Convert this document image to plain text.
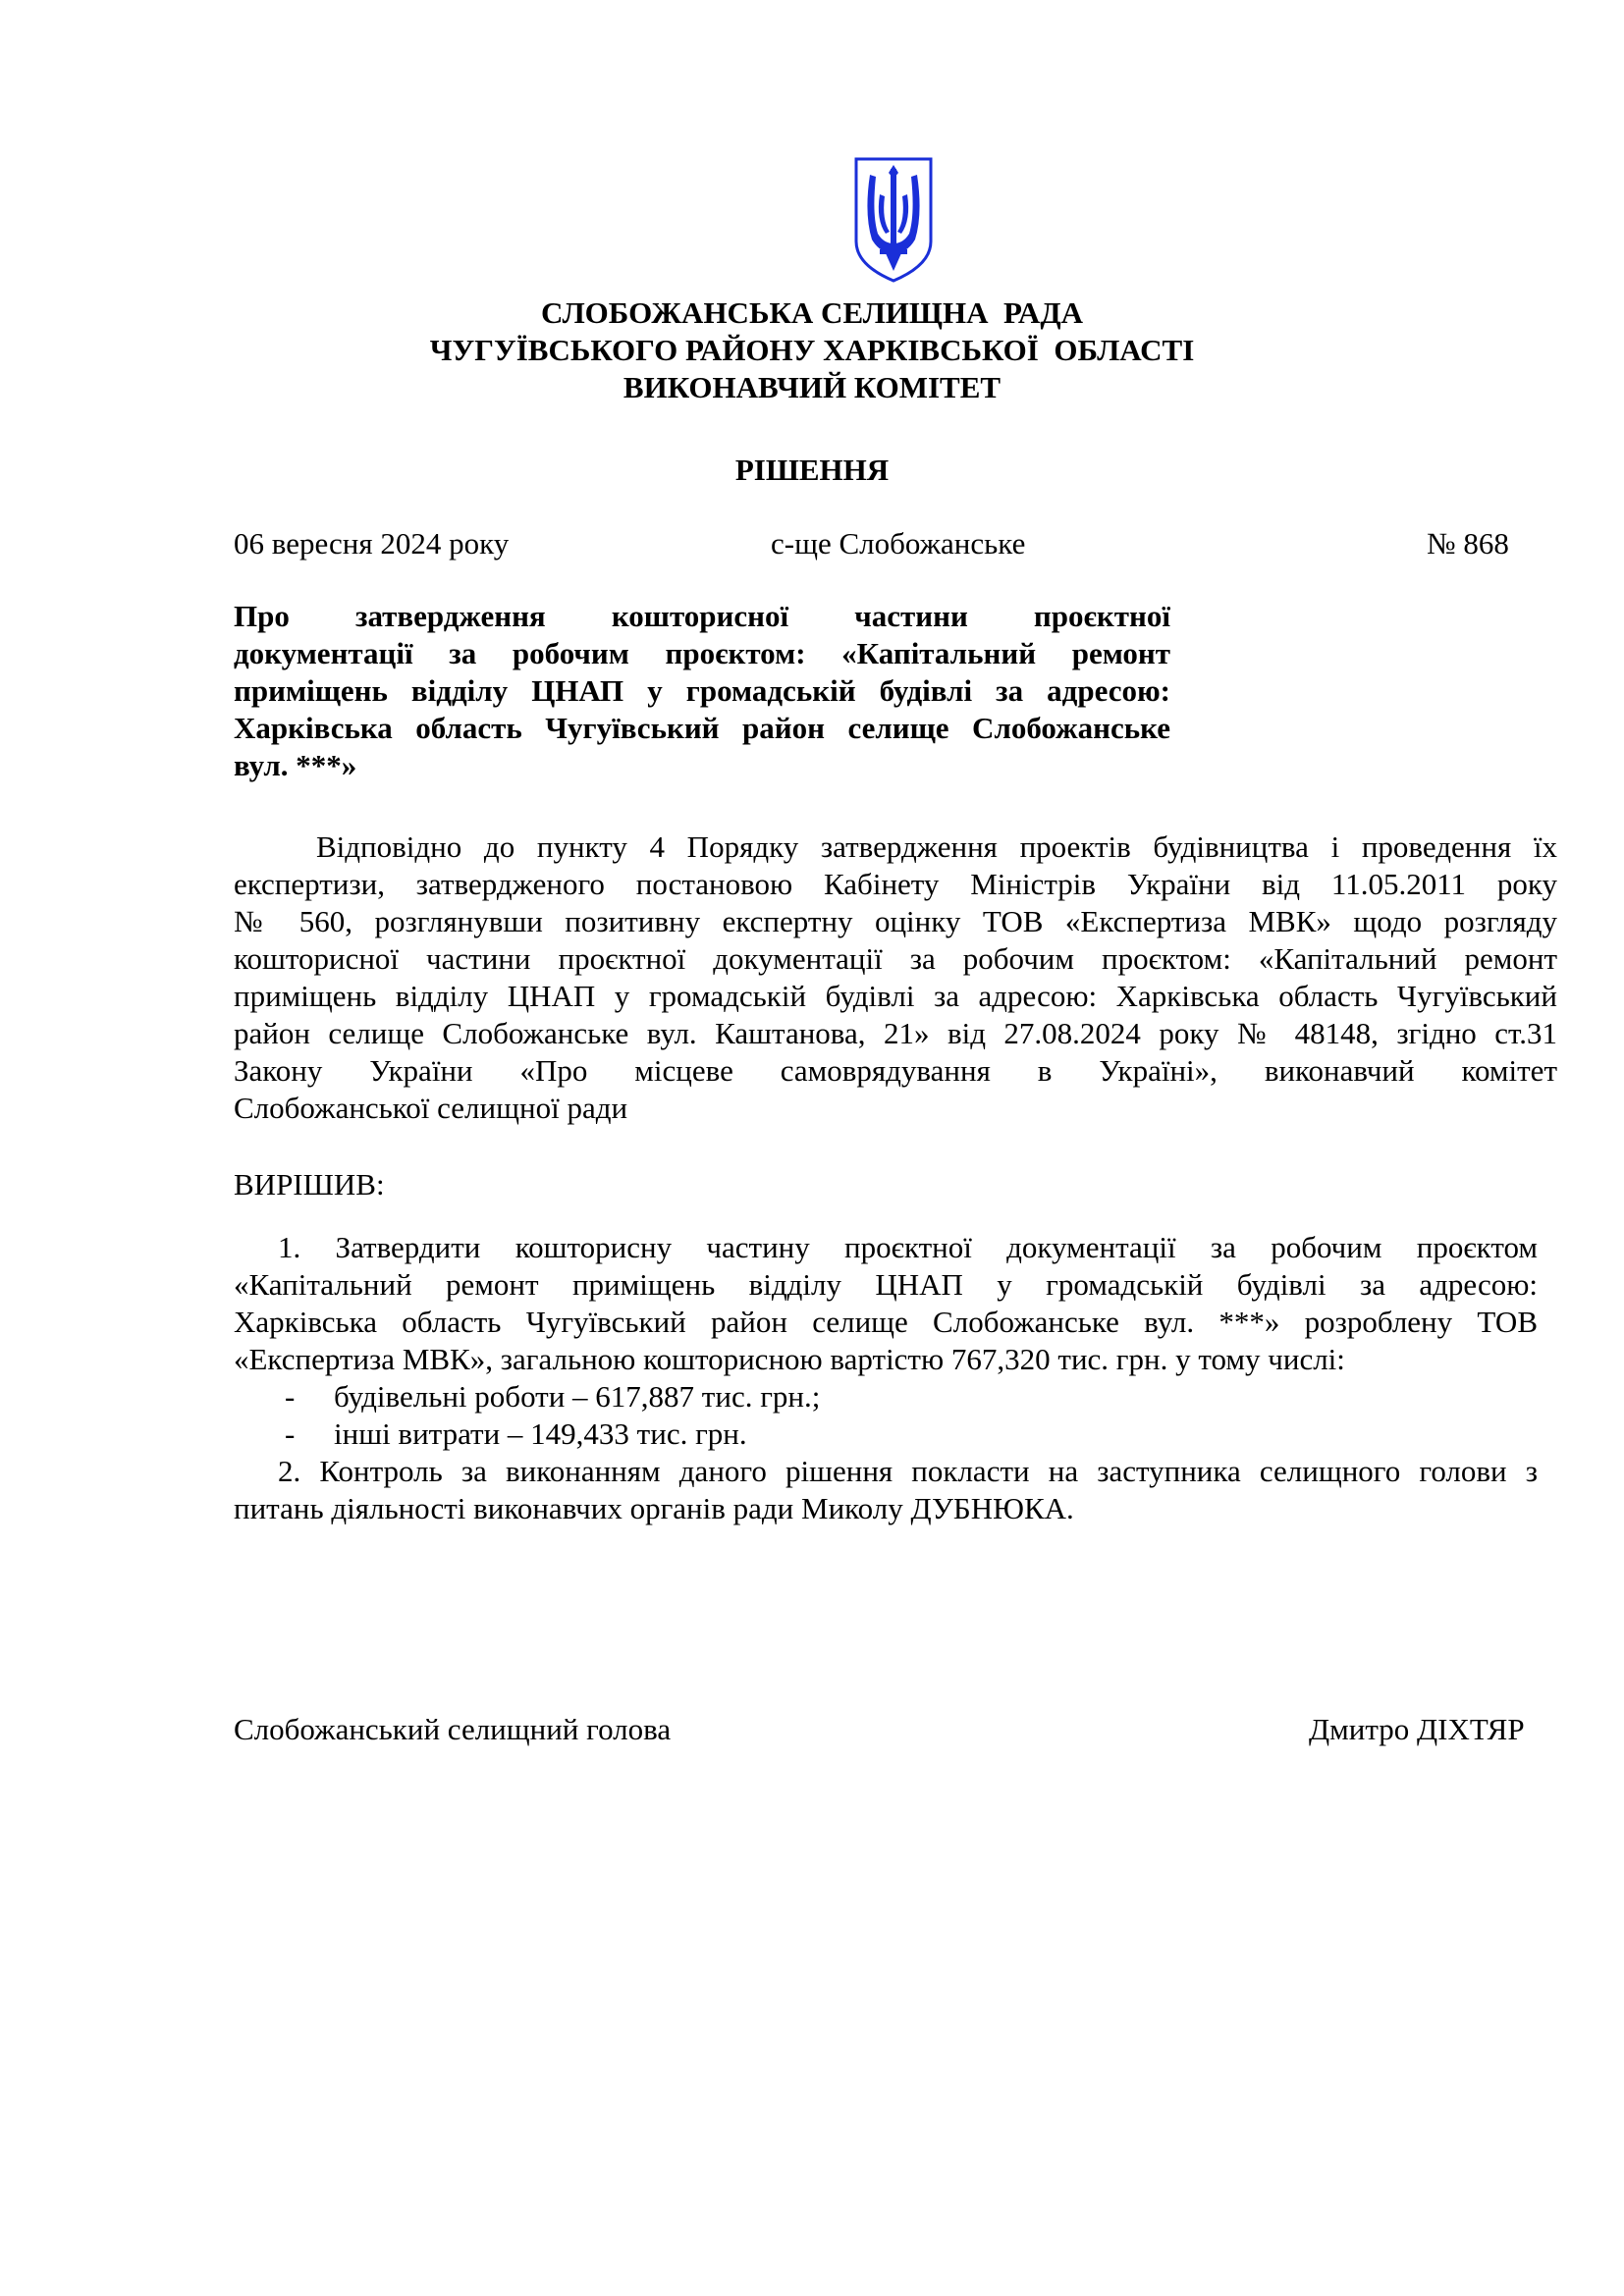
СЛОБОЖАНСЬКА СЕЛИЩНА  РАДА
ЧУГУЇВСЬКОГО РАЙОНУ ХАРКІВСЬКОЇ  ОБЛАСТІ
ВИКОНАВЧИЙ КОМІТЕТ
РІШЕННЯ
06 вересня 2024 року	с-ще Слобожанське	№ 868
Про затвердження кошторисної частини проєктної
документації за робочим проєктом: «Капітальний ремонт
приміщень відділу ЦНАП у громадській будівлі за адресою:
Харківська область Чугуївський район селище Слобожанське
вул. ***»
Відповідно до пункту 4 Порядку затвердження проектів будівництва і проведення їх
експертизи, затвердженого постановою Кабінету Міністрів України від 11.05.2011 року
№ 560, розглянувши позитивну експертну оцінку ТОВ «Експертиза МВК» щодо розгляду
кошторисної частини проєктної документації за робочим проєктом: «Капітальний ремонт
приміщень відділу ЦНАП у громадській будівлі за адресою: Харківська область Чугуївський
район селище Слобожанське вул. Каштанова, 21» від 27.08.2024 року № 48148, згідно ст.31
Закону України «Про місцеве самоврядування в Україні», виконавчий комітет
Слобожанської селищної ради
ВИРІШИВ:
1. Затвердити кошторисну частину проєктної документації за робочим проєктом
«Капітальний ремонт приміщень відділу ЦНАП у громадській будівлі за адресою:
Харківська область Чугуївський район селище Слобожанське вул. ***» розроблену ТОВ
«Експертиза МВК», загальною кошторисною вартістю 767,320 тис. грн. у тому числі:
- будівельні роботи – 617,887 тис. грн.;
- інші витрати – 149,433 тис. грн.
2. Контроль за виконанням даного рішення покласти на заступника селищного голови з
питань діяльності виконавчих органів ради Миколу ДУБНЮКА.
Слобожанський селищний голова	Дмитро ДІХТЯР
